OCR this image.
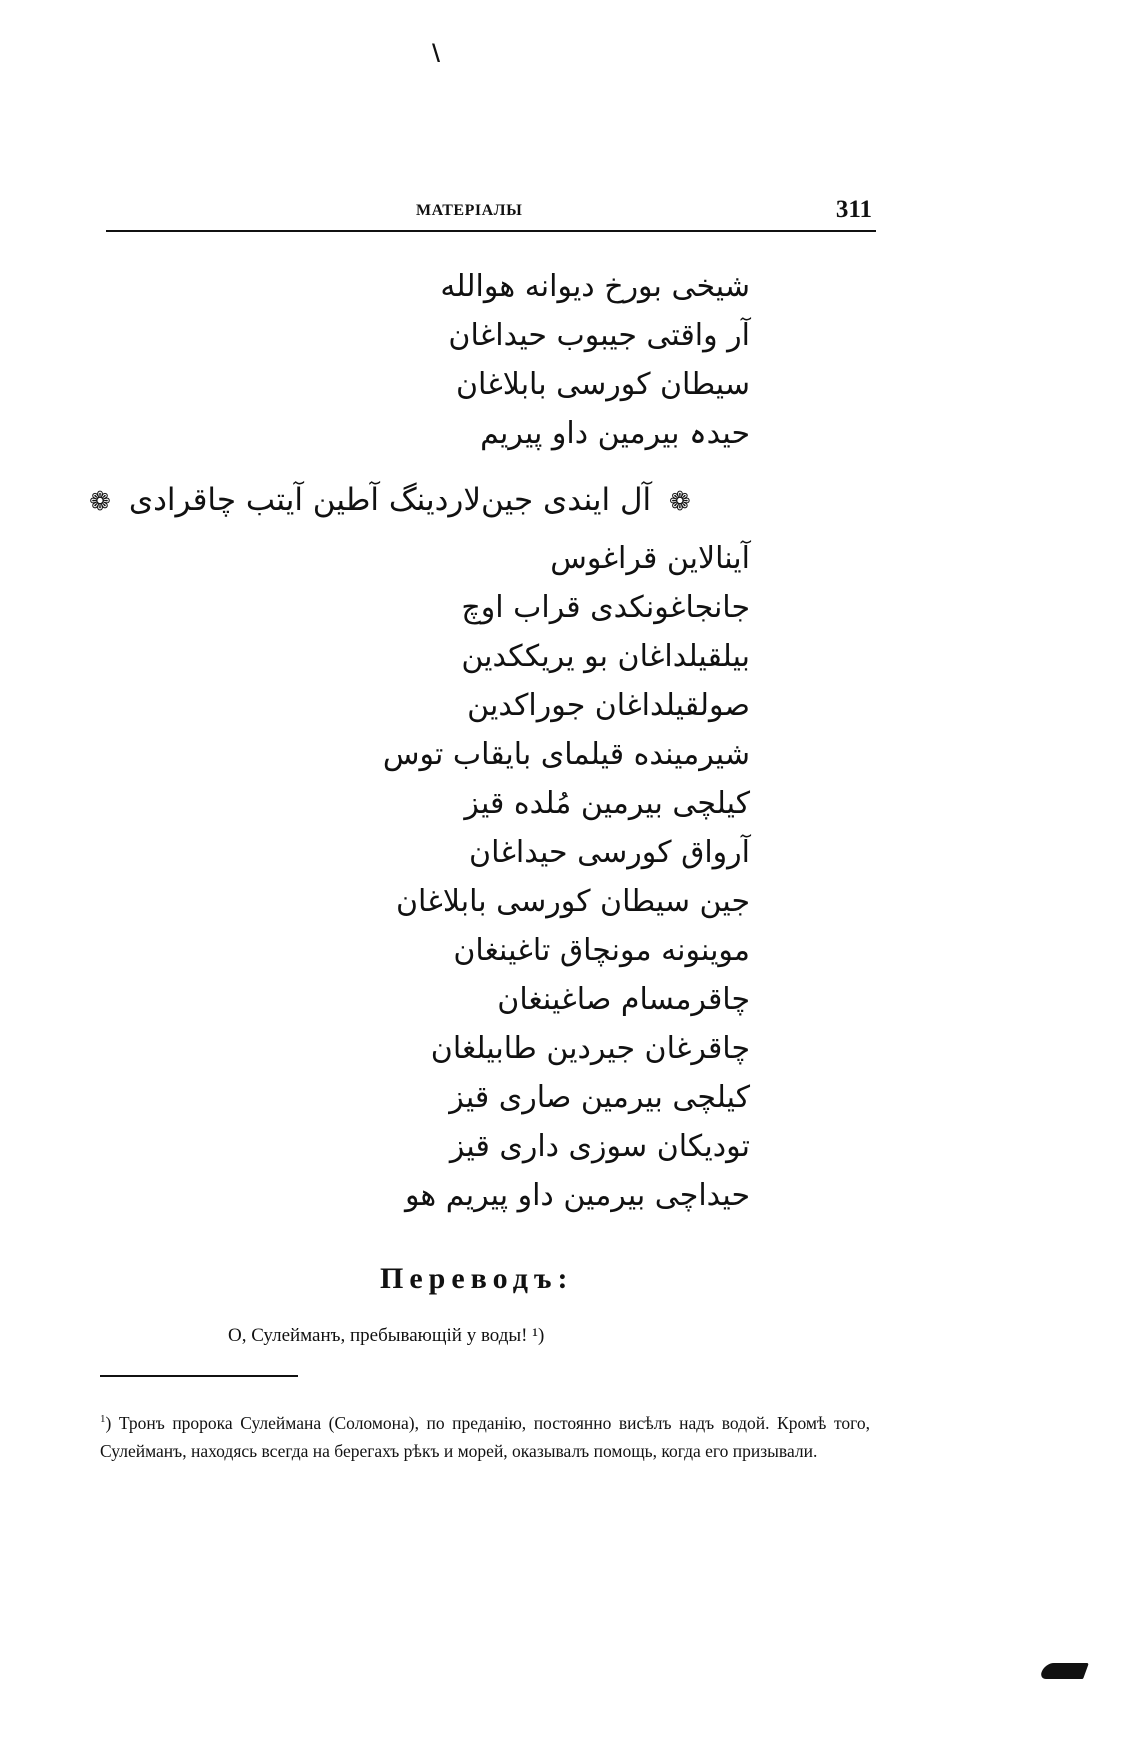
\
МАТЕРІАЛЫ	311
شیخی بورخ دیوانه هوالله
آر واقتی جیبوب حیداغان
سیطان کورسی بابلاغان
حیدہ بیرمین داو پیریم
❁ آل ایندی جین‌لاردینگ آطین آیتب چاقرادی ❁
آینالاین قراغوس
جانجاغونکدی قراب اوچ
بیلقیلداغان بو یریککدین
صولقیلداغان جوراکدین
شیرمینده قیلمای بایقاب توس
کیلچی بیرمین مُلده قیز
آرواق کورسی حیداغان
جین سیطان کورسی بابلاغان
موینونه مونچاق تاغینغان
چاقرمسام صاغینغان
چاقرغان جیردین طابیلغان
کیلچی بیرمین صاری قیز
تودیکان سوزی داری قیز
حیداچی بیرمین داو پیریم هو
Переводъ:
О, Сулейманъ, пребывающій у воды! ¹)
$^1$) Тронъ пророка Сулеймана (Соломона), по преданію, постоянно висѣлъ надъ водой. Кромѣ того, Сулейманъ, находясь всегда на берегахъ рѣкъ и морей, оказывалъ помощь, когда его призывали.
